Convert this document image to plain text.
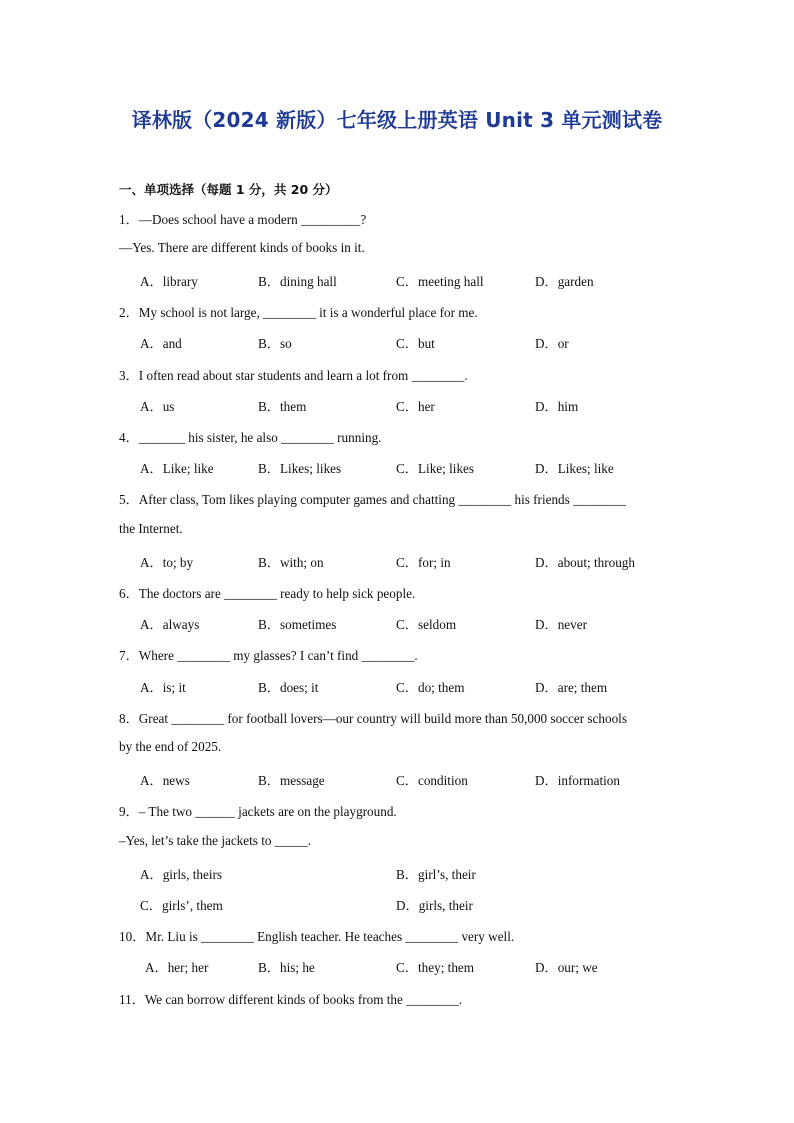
译林版（2024 新版）七年级上册英语 Unit 3 单元测试卷
一、单项选择（每题 1 分，共 20 分）
1．—Does school have a modern _________?
—Yes. There are different kinds of books in it.
A．library	B．dining hall	C．meeting hall	D．garden
2．My school is not large, ________ it is a wonderful place for me.
A．and	B．so	C．but	D．or
3．I often read about star students and learn a lot from ________.
A．us	B．them	C．her	D．him
4．_______ his sister, he also ________ running.
A．Like; like	B．Likes; likes	C．Like; likes	D．Likes; like
5．After class, Tom likes playing computer games and chatting ________ his friends ________
the Internet.
A．to; by	B．with; on	C．for; in	D．about; through
6．The doctors are ________ ready to help sick people.
A．always	B．sometimes	C．seldom	D．never
7．Where ________ my glasses? I can’t find ________.
A．is; it	B．does; it	C．do; them	D．are; them
8．Great ________ for football lovers—our country will build more than 50,000 soccer schools
by the end of 2025.
A．news	B．message	C．condition	D．information
9．– The two ______ jackets are on the playground.
–Yes, let’s take the jackets to _____.
A．girls, theirs	B．girl’s, their
C．girls’, them	D．girls, their
10．Mr. Liu is ________ English teacher. He teaches ________ very well.
A．her; her	B．his; he	C．they; them	D．our; we
11．We can borrow different kinds of books from the ________.
